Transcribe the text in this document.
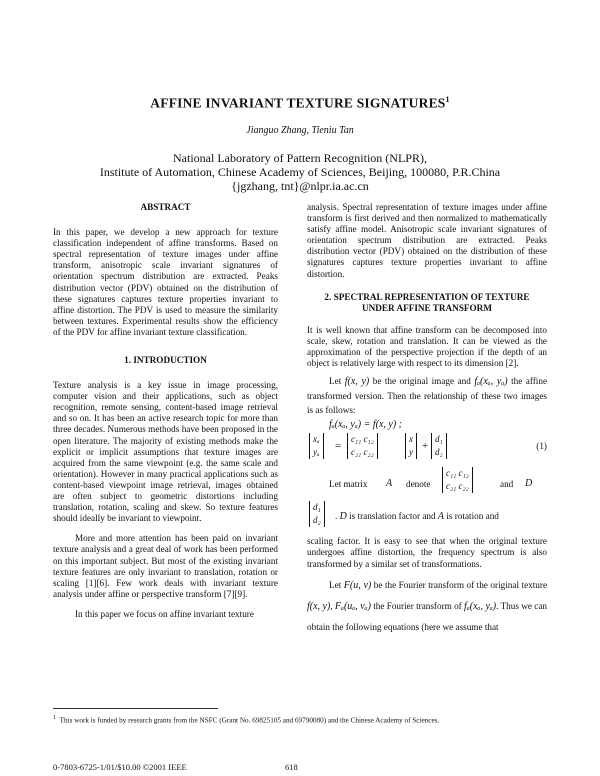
AFFINE INVARIANT TEXTURE SIGNATURES$^1$
Jianguo Zhang, Tieniu Tan
National Laboratory of Pattern Recognition (NLPR),
Institute of Automation, Chinese Academy of Sciences, Beijing, 100080, P.R.China
{jgzhang, tnt}@nlpr.ia.ac.cn
ABSTRACT

In this paper, we develop a new approach for texture classification independent of affine transforms. Based on spectral representation of texture images under affine transform, anisotropic scale invariant signatures of orientation spectrum distribution are extracted. Peaks distribution vector (PDV) obtained on the distribution of these signatures captures texture properties invariant to affine distortion. The PDV is used to measure the similarity between textures. Experimental results show the efficiency of the PDV for affine invariant texture classification.

1. INTRODUCTION

Texture analysis is a key issue in image processing, computer vision and their applications, such as object recognition, remote sensing, content-based image retrieval and so on. It has been an active research topic for more than three decades. Numerous methods have been proposed in the open literature. The majority of existing methods make the explicit or implicit assumptions that texture images are acquired from the same viewpoint (e.g. the same scale and orientation). However in many practical applications such as content-based viewpoint image retrieval, images obtained are often subject to geometric distortions including translation, rotation, scaling and skew. So texture features should ideally be invariant to viewpoint.

More and more attention has been paid on invariant texture analysis and a great deal of work has been performed on this important subject. But most of the existing invariant texture features are only invariant to translation, rotation or scaling [1][6]. Few work deals with invariant texture analysis under affine or perspective transform [7][9].

In this paper we focus on affine invariant texture

analysis. Spectral representation of texture images under affine transform is first derived and then normalized to mathematically satisfy affine model. Anisotropic scale invariant signatures of orientation spectrum distribution are extracted. Peaks distribution vector (PDV) obtained on the distribution of these signatures captures texture properties invariant to affine distortion.

2. SPECTRAL REPRESENTATION OF TEXTURE
UNDER AFFINE TRANSFORM

It is well known that affine transform can be decomposed into scale, skew, rotation and translation. It can be viewed as the approximation of the perspective projection if the depth of an object is relatively large with respect to its dimension [2].

Let f(x, y) be the original image and fₐ(xₐ, yₐ) the affine transformed version. Then the relationship of these two images is as follows:

fₐ(xₐ, yₐ) = f(x, y) ;
xₐ
yₐ =
c₁₁ c₁₂
c₂₁ c₂₂
x
y +
d₁
d₂
(1)
Let matrix A denote
c₁₁ c₁₂
c₂₁ c₂₂	and D
d₁
d₂ . D is translation factor and A is rotation and

scaling factor. It is easy to see that when the original texture undergoes affine distortion, the frequency spectrum is also transformed by a similar set of transformations.

Let F(u, v) be the Fourier transform of the original texture f(x, y), Fₐ(uₐ, vₐ) the Fourier transform of fₐ(xₐ, yₐ). Thus we can obtain the following equations (here we assume that

$^1$ This work is funded by research grants from the NSFC (Grant No. 69825105 and 69790080) and the Chinese Academy of Sciences.
0-7803-6725-1/01/$10.00 ©2001 IEEE	618
